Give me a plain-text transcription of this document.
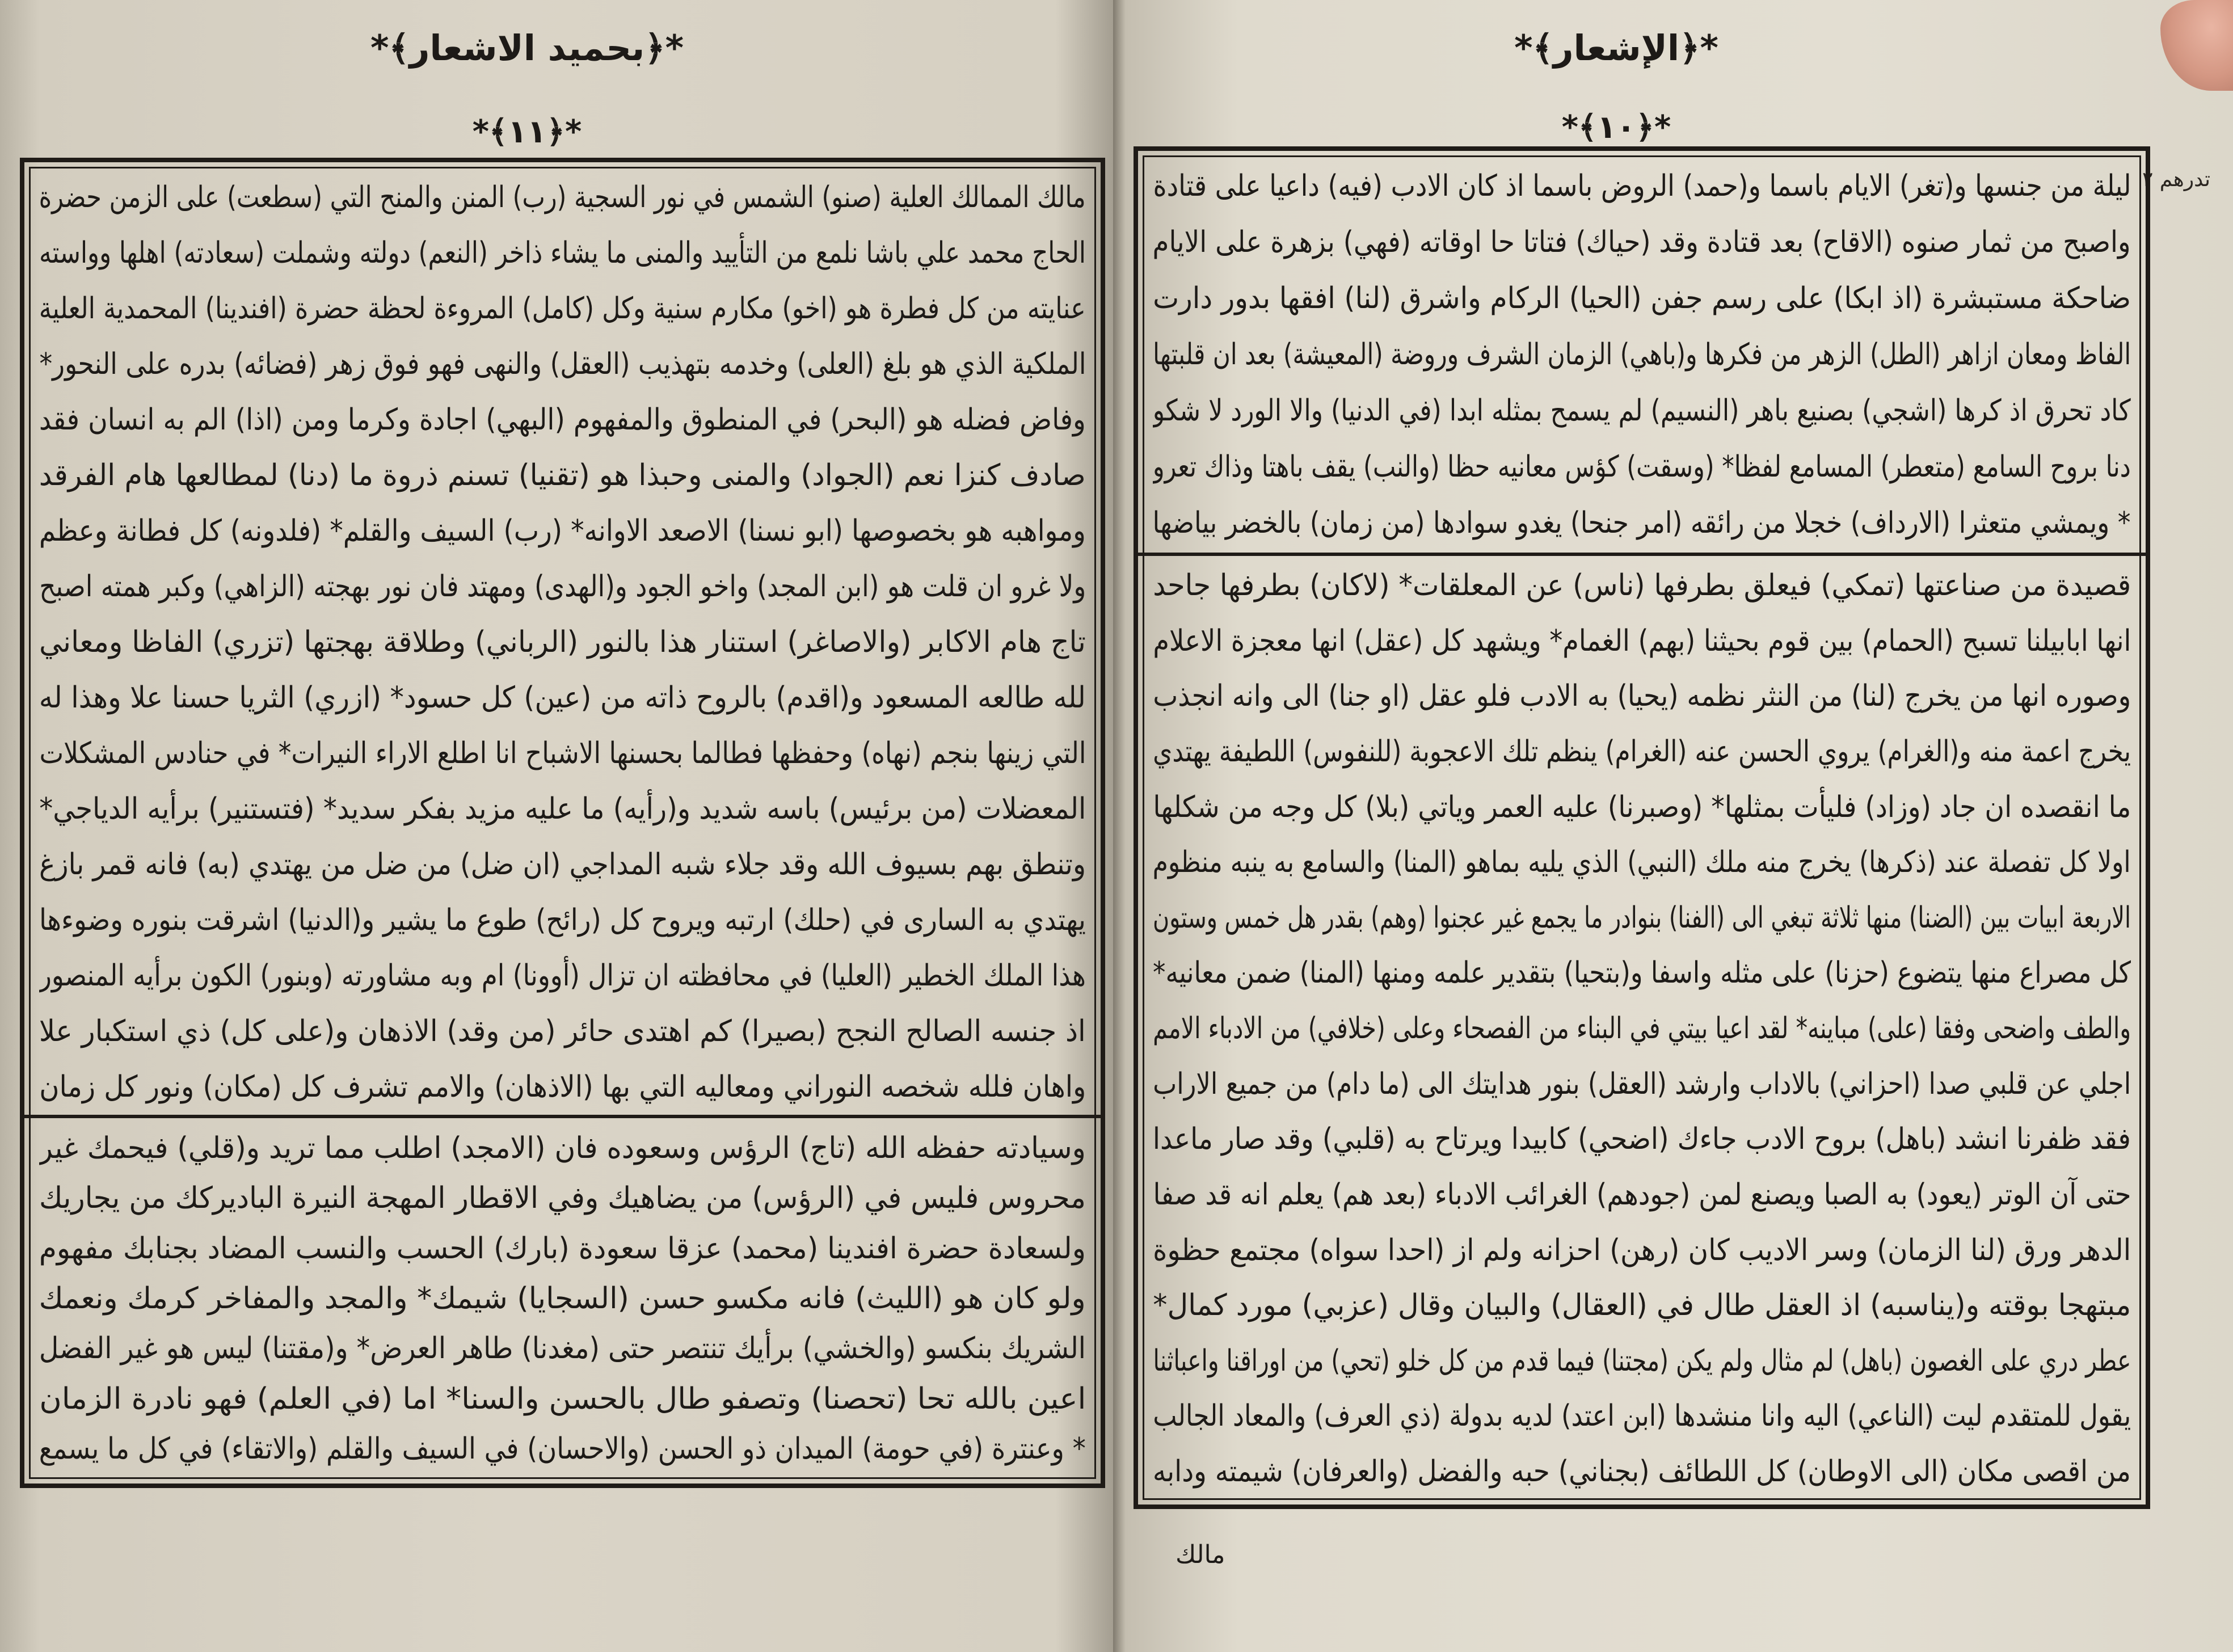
*﴿بحميد الاشعار﴾*
*﴿١١﴾*
مالك الممالك العلية (صنو) الشمس في نور السجية (رب) المنن والمنح التي (سطعت) على الزمن حضرة
الحاج محمد علي باشا نلمع من التأييد والمنى ما يشاء ذاخر (النعم) دولته وشملت (سعادته) اهلها وواسته
عنايته من كل فطرة هو (اخو) مكارم سنية وكل (كامل) المروءة لحظة حضرة (افندينا) المحمدية العلية
الملكية الذي هو بلغ (العلى) وخدمه بتهذيب (العقل) والنهى فهو فوق زهر (فضائه) بدره على النحور*
وفاض فضله هو (البحر) في المنطوق والمفهوم (البهي) اجادة وكرما ومن (اذا) الم به انسان فقد
صادف كنزا نعم (الجواد) والمنى وحبذا هو (تقنيا) تسنم ذروة ما (دنا) لمطالعها هام الفرقد
ومواهبه هو بخصوصها (ابو نسنا) الاصعد الاوانه* (رب) السيف والقلم* (فلدونه) كل فطانة وعظم
ولا غرو ان قلت هو (ابن المجد) واخو الجود و(الهدى) ومهتد فان نور بهجته (الزاهي) وكبر همته اصبح
تاج هام الاكابر (والاصاغر) استنار هذا بالنور (الرباني) وطلاقة بهجتها (تزري) الفاظا ومعاني
لله طالعه المسعود و(اقدم) بالروح ذاته من (عين) كل حسود* (ازري) الثريا حسنا علا وهذا له
التي زينها بنجم (نهاه) وحفظها فطالما بحسنها الاشباح انا اطلع الاراء النيرات* في حنادس المشكلات
المعضلات (من برئيس) باسه شديد و(رأيه) ما عليه مزيد بفكر سديد* (فتستنير) برأيه الدياجي*
وتنطق بهم بسيوف الله وقد جلاء شبه المداجي (ان ضل) من ضل من يهتدي (به) فانه قمر بازغ
يهتدي به السارى في (حلك) ارتبه ويروح كل (رائح) طوع ما يشير و(الدنيا) اشرقت بنوره وضوءها
هذا الملك الخطير (العليا) في محافظته ان تزال (أوونا) ام وبه مشاورته (وبنور) الكون برأيه المنصور
اذ جنسه الصالح النجح (بصيرا) كم اهتدى حائر (من وقد) الاذهان و(على كل) ذي استكبار علا
واهان فلله شخصه النوراني ومعاليه التي بها (الاذهان) والامم تشرف كل (مكان) ونور كل زمان
وسيادته حفظه الله (تاج) الرؤس وسعوده فان (الامجد) اطلب مما تريد و(قلي) فيحمك غير
محروس فليس في (الرؤس) من يضاهيك وفي الاقطار المهجة النيرة الباديركك من يجاريك
ولسعادة حضرة افندينا (محمد) عزقا سعودة (بارك) الحسب والنسب المضاد بجنابك مفهوم
ولو كان هو (الليث) فانه مكسو حسن (السجايا) شيمك* والمجد والمفاخر كرمك ونعمك
الشريك بنكسو (والخشي) برأيك تنتصر حتى (مغدنا) طاهر العرض* و(مقتنا) ليس هو غير الفضل
اعين بالله تحا (تحصنا) وتصفو طال بالحسن والسنا* اما (في العلم) فهو نادرة الزمان
* وعنترة (في حومة) الميدان ذو الحسن (والاحسان) في السيف والقلم (والاتقاء) في كل ما يسمع
تدرهم ٢
*﴿الإشعار﴾*
*﴿١٠﴾*
ليلة من جنسها و(تغر) الايام باسما و(حمد) الروض باسما اذ كان الادب (فيه) داعيا على قتادة
واصبح من ثمار صنوه (الاقاح) بعد قتادة وقد (حياك) فتاتا حا اوقاته (فهي) بزهرة على الايام
ضاحكة مستبشرة (اذ ابكا) على رسم جفن (الحيا) الركام واشرق (لنا) افقها بدور دارت
الفاظ ومعان ازاهر (الطل) الزهر من فكرها و(باهي) الزمان الشرف وروضة (المعيشة) بعد ان قلبتها
كاد تحرق اذ كرها (اشجي) بصنيع باهر (النسيم) لم يسمح بمثله ابدا (في الدنيا) والا الورد لا شكو
دنا بروح السامع (متعطر) المسامع لفظا* (وسقت) كؤس معانيه حظا (والنب) يقف باهتا وذاك تعرو
* ويمشي متعثرا (الارداف) خجلا من رائقه (امر جنحا) يغدو سوادها (من زمان) بالخضر بياضها
قصيدة من صناعتها (تمكي) فيعلق بطرفها (ناس) عن المعلقات* (لاكان) بطرفها جاحد
انها ابابيلنا تسبح (الحمام) بين قوم بحيثنا (بهم) الغمام* ويشهد كل (عقل) انها معجزة الاعلام
وصوره انها من يخرج (لنا) من النثر نظمه (يحيا) به الادب فلو عقل (او جنا) الى وانه انجذب
يخرج اعمة منه و(الغرام) يروي الحسن عنه (الغرام) ينظم تلك الاعجوبة (للنفوس) اللطيفة يهتدي
ما انقصده ان جاد (وزاد) فليأت بمثلها* (وصبرنا) عليه العمر وياتي (بلا) كل وجه من شكلها
اولا كل تفصلة عند (ذكرها) يخرج منه ملك (النبي) الذي يليه بماهو (المنا) والسامع به ينبه منظوم
الاربعة ابيات بين (الضنا) منها ثلاثة تبغي الى (الفنا) بنوادر ما يجمع غير عجنوا (وهم) بقدر هل خمس وستون
كل مصراع منها يتضوع (حزنا) على مثله واسفا و(بتحيا) بتقدير علمه ومنها (المنا) ضمن معانيه*
والطف واضحى وفقا (على) مباينه* لقد اعيا بيتي في البناء من الفصحاء وعلى (خلافي) من الادباء الامم
اجلي عن قلبي صدا (احزاني) بالاداب وارشد (العقل) بنور هدايتك الى (ما دام) من جميع الاراب
فقد ظفرنا انشد (باهل) بروح الادب جاءك (اضحي) كابيدا ويرتاح به (قلبي) وقد صار ماعدا
حتى آن الوتر (يعود) به الصبا ويصنع لمن (جودهم) الغرائب الادباء (بعد هم) يعلم انه قد صفا
الدهر ورق (لنا الزمان) وسر الاديب كان (رهن) احزانه ولم از (احدا سواه) مجتمع حظوة
مبتهجا بوقته و(يناسبه) اذ العقل طال في (العقال) والبيان وقال (عزبي) مورد كمال*
عطر دري على الغصون (باهل) لم مثال ولم يكن (مجتنا) فيما قدم من كل خلو (تحي) من اوراقنا واعباثنا
يقول للمتقدم ليت (الناعي) اليه وانا منشدها (ابن اعتد) لديه بدولة (ذي العرف) والمعاد الجالب
من اقصى مكان (الى الاوطان) كل اللطائف (بجناني) حبه والفضل (والعرفان) شيمته ودابه
مالك
